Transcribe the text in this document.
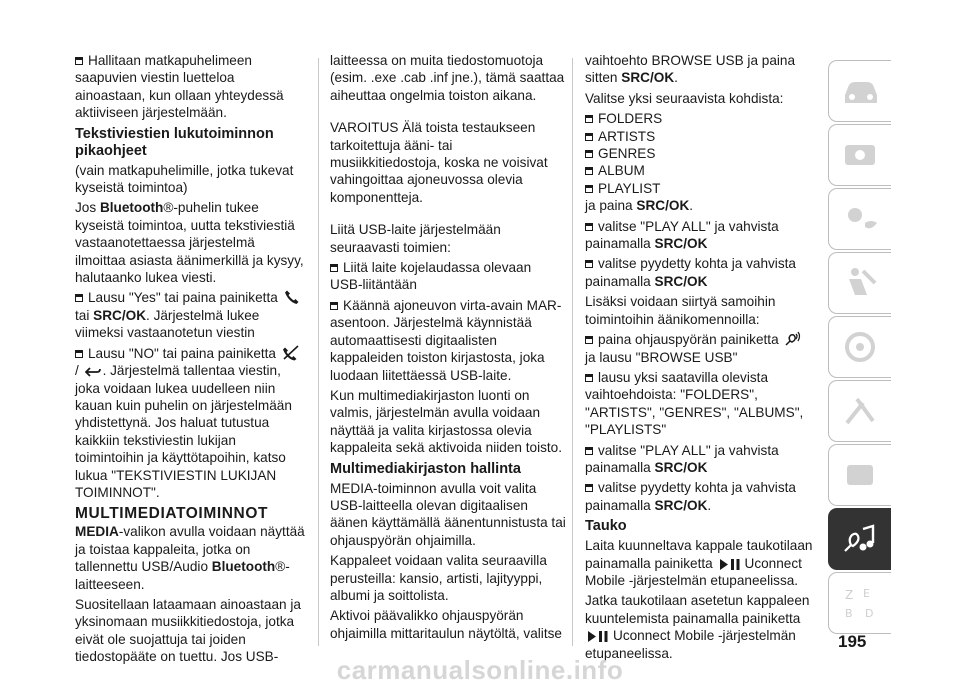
Hallitaan matkapuhelimeen saapuvien viestin luetteloa ainoastaan, kun ollaan yhteydessä aktiiviseen järjestelmään.

Tekstiviestien lukutoiminnon pikaohjeet

(vain matkapuhelimille, jotka tukevat kyseistä toimintoa)

Jos Bluetooth®-puhelin tukee kyseistä toimintoa, uutta tekstiviestiä vastaanotettaessa järjestelmä ilmoittaa asiasta äänimerkillä ja kysyy, halutaanko lukea viesti.

Lausu "Yes" tai paina painiketta
tai SRC/OK. Järjestelmä lukee viimeksi vastaanotetun viestin

Lausu "NO" tai paina painiketta
/ . Järjestelmä tallentaa viestin, joka voidaan lukea uudelleen niin kauan kuin puhelin on järjestelmään yhdistettynä. Jos haluat tutustua kaikkiin tekstiviestin lukijan toimintoihin ja käyttötapoihin, katso lukua "TEKSTIVIESTIN LUKIJAN TOIMINNOT".

MULTIMEDIATOIMINNOT

MEDIA-valikon avulla voidaan näyttää ja toistaa kappaleita, jotka on tallennettu USB/Audio Bluetooth®-laitteeseen.

Suositellaan lataamaan ainoastaan ja yksinomaan musiikkitiedostoja, jotka eivät ole suojattuja tai joiden tiedostopääte on tuettu. Jos USB-

laitteessa on muita tiedostomuotoja (esim. .exe .cab .inf jne.), tämä saattaa aiheuttaa ongelmia toiston aikana.

VAROITUS Älä toista testaukseen tarkoitettuja ääni- tai musiikkitiedostoja, koska ne voisivat vahingoittaa ajoneuvossa olevia komponentteja.

Liitä USB-laite järjestelmään seuraavasti toimien:

Liitä laite kojelaudassa olevaan USB-liitäntään

Käännä ajoneuvon virta-avain MAR-asentoon. Järjestelmä käynnistää automaattisesti digitaalisten kappaleiden toiston kirjastosta, joka luodaan liitettäessä USB-laite.

Kun multimediakirjaston luonti on valmis, järjestelmän avulla voidaan näyttää ja valita kirjastossa olevia kappaleita sekä aktivoida niiden toisto.

Multimediakirjaston hallinta

MEDIA-toiminnon avulla voit valita USB-laitteella olevan digitaalisen äänen käyttämällä äänentunnistusta tai ohjauspyörän ohjaimilla.

Kappaleet voidaan valita seuraavilla perusteilla: kansio, artisti, lajityyppi, albumi ja soittolista.

Aktivoi päävalikko ohjauspyörän ohjaimilla mittaritaulun näytöltä, valitse

vaihtoehto BROWSE USB ja paina sitten SRC/OK.

Valitse yksi seuraavista kohdista:

FOLDERS
ARTISTS
GENRES
ALBUM
PLAYLIST

ja paina SRC/OK.

valitse "PLAY ALL" ja vahvista painamalla SRC/OK

valitse pyydetty kohta ja vahvista painamalla SRC/OK

Lisäksi voidaan siirtyä samoihin toimintoihin äänikomennoilla:

paina ohjauspyörän painiketta  ja lausu "BROWSE USB"

lausu yksi saatavilla olevista vaihtoehdoista: "FOLDERS", "ARTISTS", "GENRES", "ALBUMS", "PLAYLISTS"

valitse "PLAY ALL" ja vahvista painamalla SRC/OK

valitse pyydetty kohta ja vahvista painamalla SRC/OK.

Tauko

Laita kuunneltava kappale taukotilaan painamalla painiketta Uconnect Mobile -järjestelmän etupaneelissa.

Jatka taukotilaan asetetun kappaleen kuuntelemista painamalla painiketta
Uconnect Mobile -järjestelmän etupaneelissa.

Z E
B D
195
carmanualsonline.info
